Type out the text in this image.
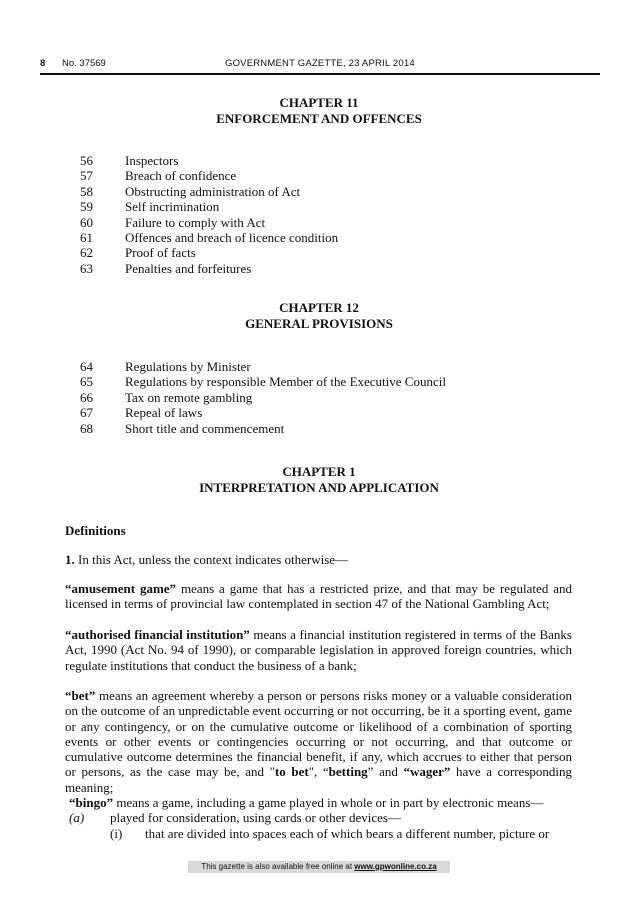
8 No. 37569	GOVERNMENT GAZETTE, 23 APRIL 2014
CHAPTER 11
ENFORCEMENT AND OFFENCES
56 Inspectors
57 Breach of confidence
58 Obstructing administration of Act
59 Self incrimination
60 Failure to comply with Act
61 Offences and breach of licence condition
62 Proof of facts
63 Penalties and forfeitures
CHAPTER 12
GENERAL PROVISIONS
64 Regulations by Minister
65 Regulations by responsible Member of the Executive Council
66 Tax on remote gambling
67 Repeal of laws
68 Short title and commencement
CHAPTER 1
INTERPRETATION AND APPLICATION
Definitions
1. In this Act, unless the context indicates otherwise—
“amusement game” means a game that has a restricted prize, and that may be regulated and licensed in terms of provincial law contemplated in section 47 of the National Gambling Act;
“authorised financial institution” means a financial institution registered in terms of the Banks Act, 1990 (Act No. 94 of 1990), or comparable legislation in approved foreign countries, which regulate institutions that conduct the business of a bank;
“bet” means an agreement whereby a person or persons risks money or a valuable consideration on the outcome of an unpredictable event occurring or not occurring, be it a sporting event, game or any contingency, or on the cumulative outcome or likelihood of a combination of sporting events or other events or contingencies occurring or not occurring, and that outcome or cumulative outcome determines the financial benefit, if any, which accrues to either that person or persons, as the case may be, and "to bet", “betting” and “wager” have a corresponding meaning;
“bingo” means a game, including a game played in whole or in part by electronic means—
(a) played for consideration, using cards or other devices—
(i) that are divided into spaces each of which bears a different number, picture or
This gazette is also available free online at www.gpwonline.co.za
